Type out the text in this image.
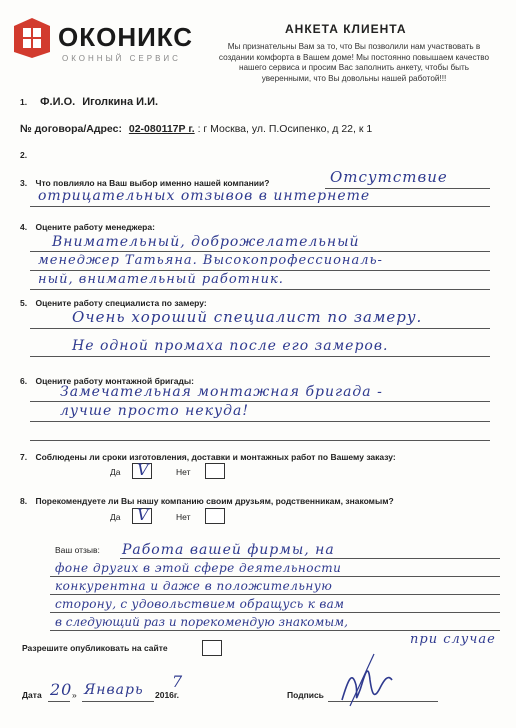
ОКОНИКС
ОКОННЫЙ СЕРВИС
АНКЕТА КЛИЕНТА
Мы признательны Вам за то, что Вы позволили нам участвовать в
создании комфорта в Вашем доме! Мы постоянно повышаем качество
нашего сервиса и просим Вас заполнить анкету, чтобы быть
уверенными, что Вы довольны нашей работой!!!
1. Ф.И.О. Иголкина И.И.
№ договора/Адрес: 02-080117Р г. : г Москва, ул. П.Осипенко, д 22, к 1
2.
3. Что повлияло на Ваш выбор именно нашей компании?	Отсутствие
отрицательных отзывов в интернете
4. Оцените работу менеджера:
Внимательный, доброжелательный
менеджер Татьяна. Высокопрофессиональ-
ный, внимательный работник.
5. Оцените работу специалиста по замеру:
Очень хороший специалист по замеру.
Не одной промаха после его замеров.
6. Оцените работу монтажной бригады:
Замечательная монтажная бригада -
лучше просто некуда!
7. Соблюдены ли сроки изготовления, доставки и монтажных работ по Вашему заказу:
Да V	Нет
8. Порекомендуете ли Вы нашу компанию своим друзьям, родственникам, знакомым?
Да V	Нет
Ваш отзыв: Работа вашей фирмы, на
фоне других в этой сфере деятельности
конкурентна и даже в положительную
сторону, с удовольствием обращусь к вам
в следующий раз и порекомендую знакомым,
при случае
Разрешите опубликовать на сайте
Дата 20 » Январь 2016г.
7
Подпись
